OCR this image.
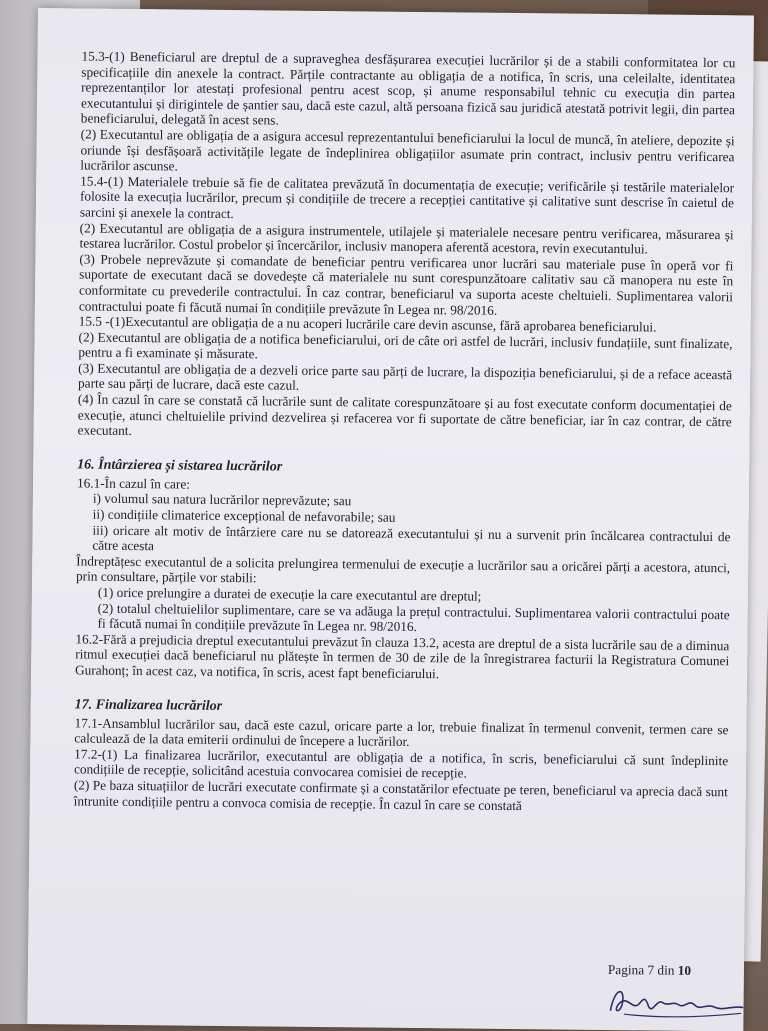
15.3-(1) Beneficiarul are dreptul de a supraveghea desfășurarea execuției lucrărilor și de a stabili conformitatea lor cu specificațiile din anexele la contract. Părțile contractante au obligația de a notifica, în scris, una celeilalte, identitatea reprezentanților lor atestați profesional pentru acest scop, și anume responsabilul tehnic cu execuția din partea executantului și dirigintele de șantier sau, dacă este cazul, altă persoana fizică sau juridică atestată potrivit legii, din partea beneficiarului, delegată în acest sens.

(2) Executantul are obligația de a asigura accesul reprezentantului beneficiarului la locul de muncă, în ateliere, depozite și oriunde își desfășoară activitățile legate de îndeplinirea obligațiilor asumate prin contract, inclusiv pentru verificarea lucrărilor ascunse.

15.4-(1) Materialele trebuie să fie de calitatea prevăzută în documentația de execuție; verificările și testările materialelor folosite la execuția lucrărilor, precum și condițiile de trecere a recepției cantitative și calitative sunt descrise în caietul de sarcini și anexele la contract.

(2) Executantul are obligația de a asigura instrumentele, utilajele și materialele necesare pentru verificarea, măsurarea și testarea lucrărilor. Costul probelor și încercărilor, inclusiv manopera aferentă acestora, revin executantului.

(3) Probele neprevăzute și comandate de beneficiar pentru verificarea unor lucrări sau materiale puse în operă vor fi suportate de executant dacă se dovedește că materialele nu sunt corespunzătoare calitativ sau că manopera nu este în conformitate cu prevederile contractului. În caz contrar, beneficiarul va suporta aceste cheltuieli. Suplimentarea valorii contractului poate fi făcută numai în condițiile prevăzute în Legea nr. 98/2016.

15.5 -(1)Executantul are obligația de a nu acoperi lucrările care devin ascunse, fără aprobarea beneficiarului.

(2) Executantul are obligația de a notifica beneficiarului, ori de câte ori astfel de lucrări, inclusiv fundațiile, sunt finalizate, pentru a fi examinate și măsurate.

(3) Executantul are obligația de a dezveli orice parte sau părți de lucrare, la dispoziția beneficiarului, și de a reface această parte sau părți de lucrare, dacă este cazul.

(4) În cazul în care se constată că lucrările sunt de calitate corespunzătoare și au fost executate conform documentației de execuție, atunci cheltuielile privind dezvelirea și refacerea vor fi suportate de către beneficiar, iar în caz contrar, de către executant.

16. Întârzierea și sistarea lucrărilor

16.1-În cazul în care:

i) volumul sau natura lucrărilor neprevăzute; sau

ii) condițiile climaterice excepțional de nefavorabile; sau

iii) oricare alt motiv de întârziere care nu se datorează executantului și nu a survenit prin încălcarea contractului de către acesta

Îndreptățesc executantul de a solicita prelungirea termenului de execuție a lucrărilor sau a oricărei părți a acestora, atunci, prin consultare, părțile vor stabili:

(1) orice prelungire a duratei de execuție la care executantul are dreptul;

(2) totalul cheltuielilor suplimentare, care se va adăuga la prețul contractului. Suplimentarea valorii contractului poate fi făcută numai în condițiile prevăzute în Legea nr. 98/2016.

16.2-Fără a prejudicia dreptul executantului prevăzut în clauza 13.2, acesta are dreptul de a sista lucrările sau de a diminua ritmul execuției dacă beneficiarul nu plătește în termen de 30 de zile de la înregistrarea facturii la Registratura Comunei Gurahonț; în acest caz, va notifica, în scris, acest fapt beneficiarului.

17. Finalizarea lucrărilor

17.1-Ansamblul lucrărilor sau, dacă este cazul, oricare parte a lor, trebuie finalizat în termenul convenit, termen care se calculează de la data emiterii ordinului de începere a lucrărilor.

17.2-(1) La finalizarea lucrărilor, executantul are obligația de a notifica, în scris, beneficiarului că sunt îndeplinite condițiile de recepție, solicitând acestuia convocarea comisiei de recepție.

(2) Pe baza situațiilor de lucrări executate confirmate și a constatărilor efectuate pe teren, beneficiarul va aprecia dacă sunt întrunite condițiile pentru a convoca comisia de recepție. În cazul în care se constată

Pagina 7 din 10
